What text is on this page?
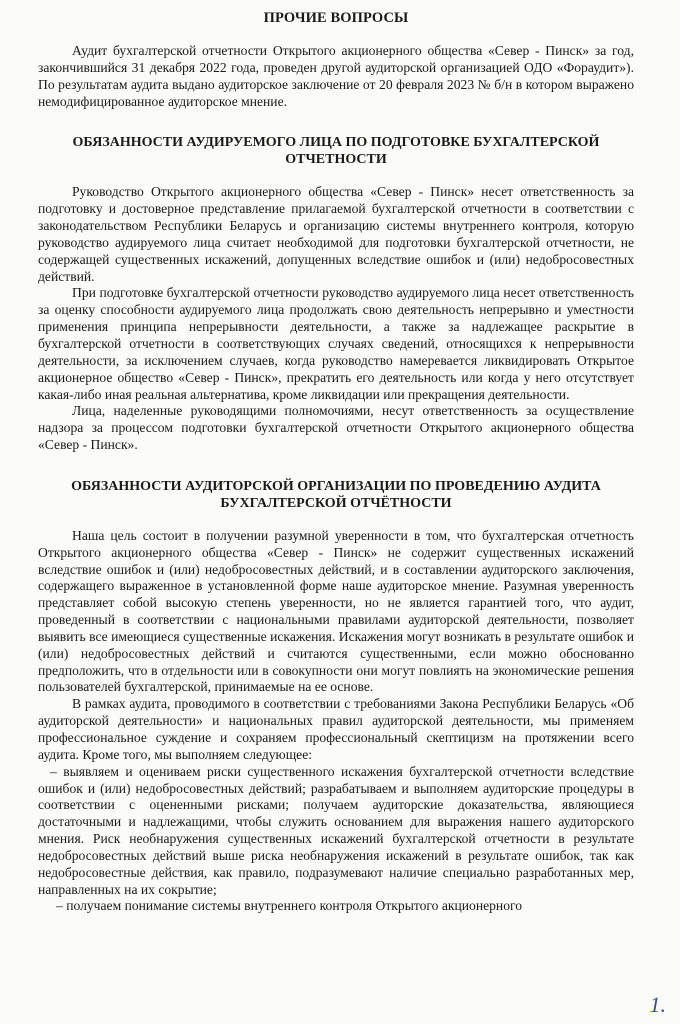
ПРОЧИЕ ВОПРОСЫ

Аудит бухгалтерской отчетности Открытого акционерного общества «Север - Пинск» за год, закончившийся 31 декабря 2022 года, проведен другой аудиторской организацией ОДО «Фораудит»). По результатам аудита выдано аудиторское заключение от 20 февраля 2023 № б/н в котором выражено немодифицированное аудиторское мнение.

ОБЯЗАННОСТИ АУДИРУЕМОГО ЛИЦА ПО ПОДГОТОВКЕ БУХГАЛТЕРСКОЙ ОТЧЕТНОСТИ

Руководство Открытого акционерного общества «Север - Пинск» несет ответственность за подготовку и достоверное представление прилагаемой бухгалтерской отчетности в соответствии с законодательством Республики Беларусь и организацию системы внутреннего контроля, которую руководство аудируемого лица считает необходимой для подготовки бухгалтерской отчетности, не содержащей существенных искажений, допущенных вследствие ошибок и (или) недобросовестных действий.

При подготовке бухгалтерской отчетности руководство аудируемого лица несет ответственность за оценку способности аудируемого лица продолжать свою деятельность непрерывно и уместности применения принципа непрерывности деятельности, а также за надлежащее раскрытие в бухгалтерской отчетности в соответствующих случаях сведений, относящихся к непрерывности деятельности, за исключением случаев, когда руководство намеревается ликвидировать Открытое акционерное общество «Север - Пинск», прекратить его деятельность или когда у него отсутствует какая-либо иная реальная альтернатива, кроме ликвидации или прекращения деятельности.

Лица, наделенные руководящими полномочиями, несут ответственность за осуществление надзора за процессом подготовки бухгалтерской отчетности Открытого акционерного общества «Север - Пинск».

ОБЯЗАННОСТИ АУДИТОРСКОЙ ОРГАНИЗАЦИИ ПО ПРОВЕДЕНИЮ АУДИТА БУХГАЛТЕРСКОЙ ОТЧЁТНОСТИ

Наша цель состоит в получении разумной уверенности в том, что бухгалтерская отчетность Открытого акционерного общества «Север - Пинск» не содержит существенных искажений вследствие ошибок и (или) недобросовестных действий, и в составлении аудиторского заключения, содержащего выраженное в установленной форме наше аудиторское мнение. Разумная уверенность представляет собой высокую степень уверенности, но не является гарантией того, что аудит, проведенный в соответствии с национальными правилами аудиторской деятельности, позволяет выявить все имеющиеся существенные искажения. Искажения могут возникать в результате ошибок и (или) недобросовестных действий и считаются существенными, если можно обоснованно предположить, что в отдельности или в совокупности они могут повлиять на экономические решения пользователей бухгалтерской, принимаемые на ее основе.

В рамках аудита, проводимого в соответствии с требованиями Закона Республики Беларусь «Об аудиторской деятельности» и национальных правил аудиторской деятельности, мы применяем профессиональное суждение и сохраняем профессиональный скептицизм на протяжении всего аудита. Кроме того, мы выполняем следующее:

– выявляем и оцениваем риски существенного искажения бухгалтерской отчетности вследствие ошибок и (или) недобросовестных действий; разрабатываем и выполняем аудиторские процедуры в соответствии с оцененными рисками; получаем аудиторские доказательства, являющиеся достаточными и надлежащими, чтобы служить основанием для выражения нашего аудиторского мнения. Риск необнаружения существенных искажений бухгалтерской отчетности в результате недобросовестных действий выше риска необнаружения искажений в результате ошибок, так как недобросовестные действия, как правило, подразумевают наличие специально разработанных мер, направленных на их сокрытие;

– получаем понимание системы внутреннего контроля Открытого акционерного

1.
